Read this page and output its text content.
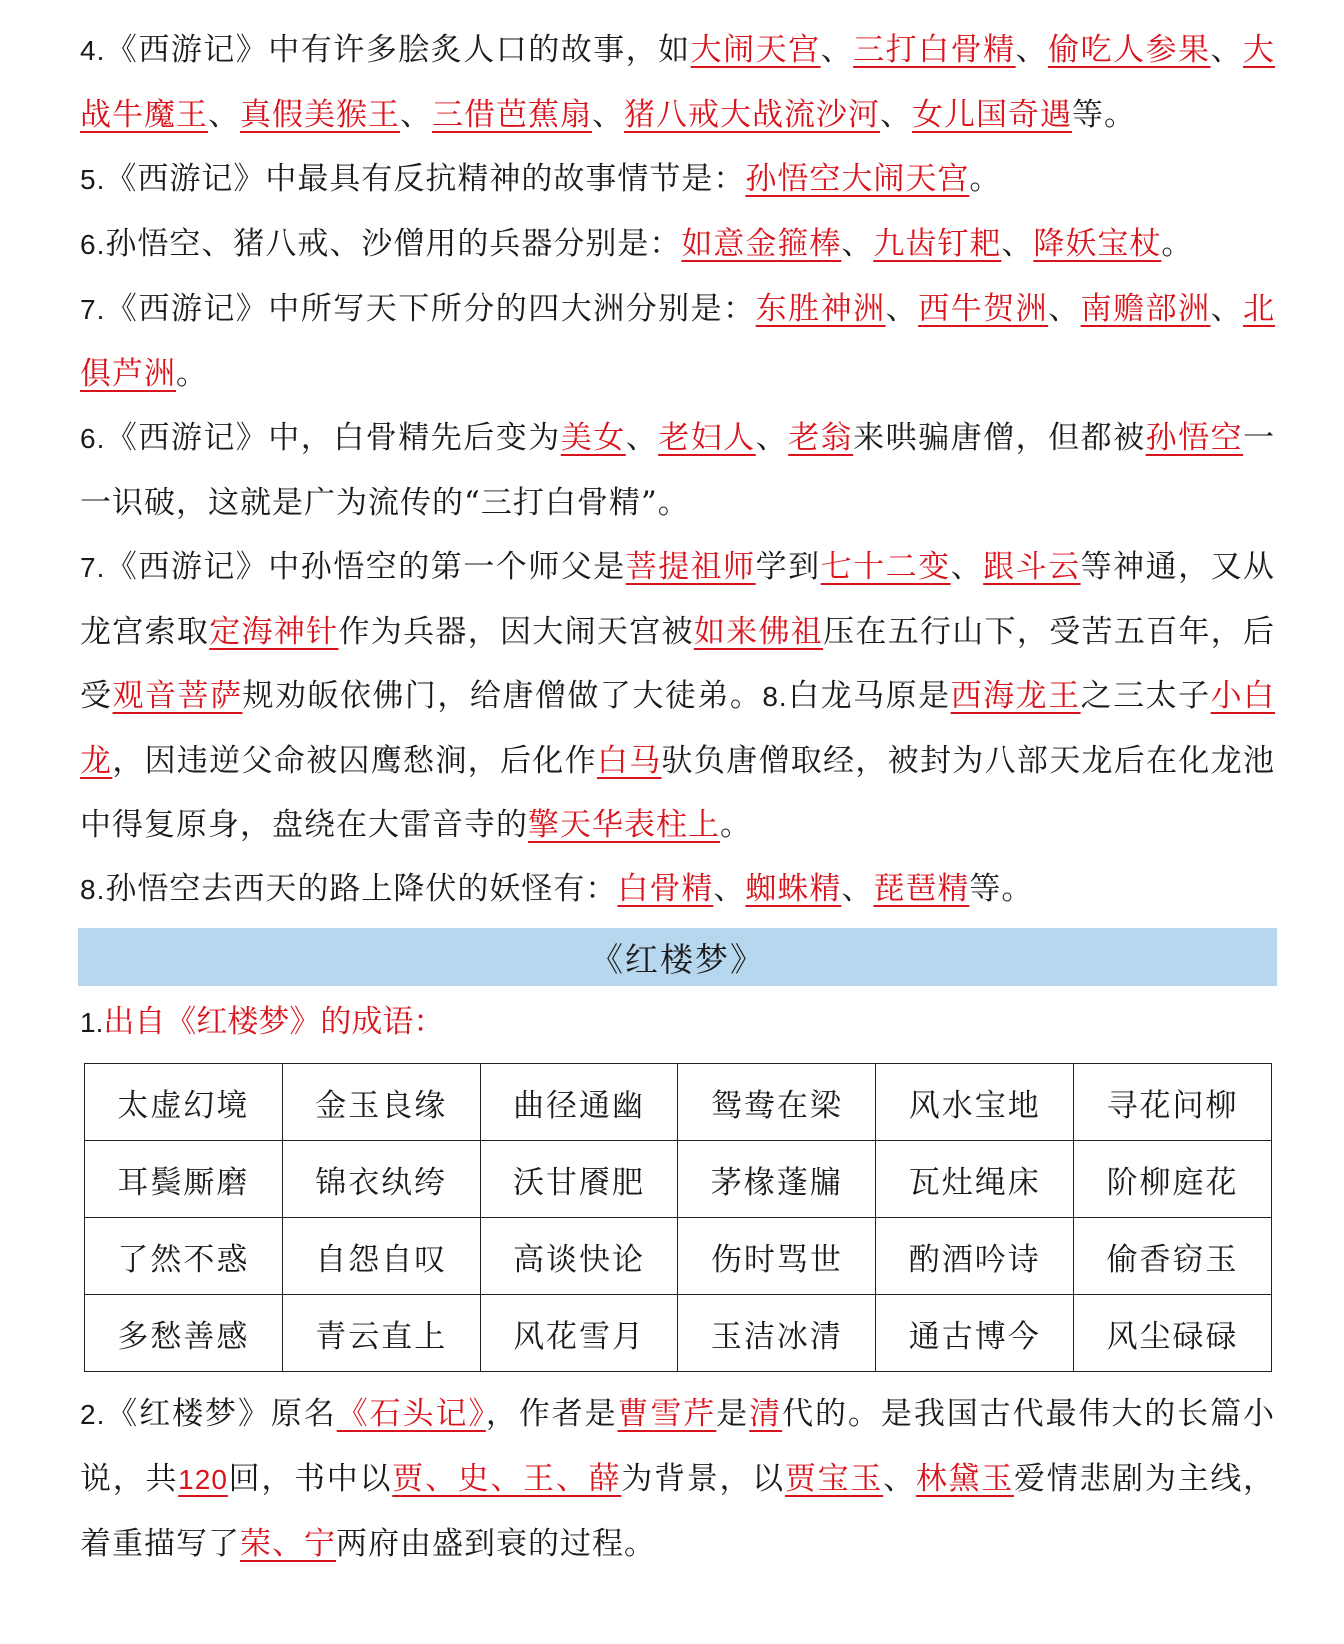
4.《西游记》中有许多脍炙人口的故事，如大闹天宫、三打白骨精、偷吃人参果、大战牛魔王、真假美猴王、三借芭蕉扇、猪八戒大战流沙河、女儿国奇遇等。

5.《西游记》中最具有反抗精神的故事情节是：孙悟空大闹天宫。

6.孙悟空、猪八戒、沙僧用的兵器分别是：如意金箍棒、九齿钉耙、降妖宝杖。

7.《西游记》中所写天下所分的四大洲分别是：东胜神洲、西牛贺洲、南赡部洲、北俱芦洲。

6.《西游记》中，白骨精先后变为美女、老妇人、老翁来哄骗唐僧，但都被孙悟空一一识破，这就是广为流传的“三打白骨精”。

7.《西游记》中孙悟空的第一个师父是菩提祖师学到七十二变、跟斗云等神通，又从龙宫索取定海神针作为兵器，因大闹天宫被如来佛祖压在五行山下，受苦五百年，后受观音菩萨规劝皈依佛门，给唐僧做了大徒弟。8.白龙马原是西海龙王之三太子小白龙，因违逆父命被囚鹰愁涧，后化作白马驮负唐僧取经，被封为八部天龙后在化龙池中得复原身，盘绕在大雷音寺的擎天华表柱上。

8.孙悟空去西天的路上降伏的妖怪有：白骨精、蜘蛛精、琵琶精等。

《红楼梦》

1.出自《红楼梦》的成语：

太虚幻境	金玉良缘	曲径通幽	鸳鸯在梁	风水宝地	寻花问柳
耳鬓厮磨	锦衣纨绔	沃甘餍肥	茅椽蓬牖	瓦灶绳床	阶柳庭花
了然不惑	自怨自叹	高谈快论	伤时骂世	酌酒吟诗	偷香窃玉
多愁善感	青云直上	风花雪月	玉洁冰清	通古博今	风尘碌碌

2.《红楼梦》原名《石头记》，作者是曹雪芹是清代的。是我国古代最伟大的长篇小说，共120回，书中以贾、史、王、薛为背景，以贾宝玉、林黛玉爱情悲剧为主线，着重描写了荣、宁两府由盛到衰的过程。
